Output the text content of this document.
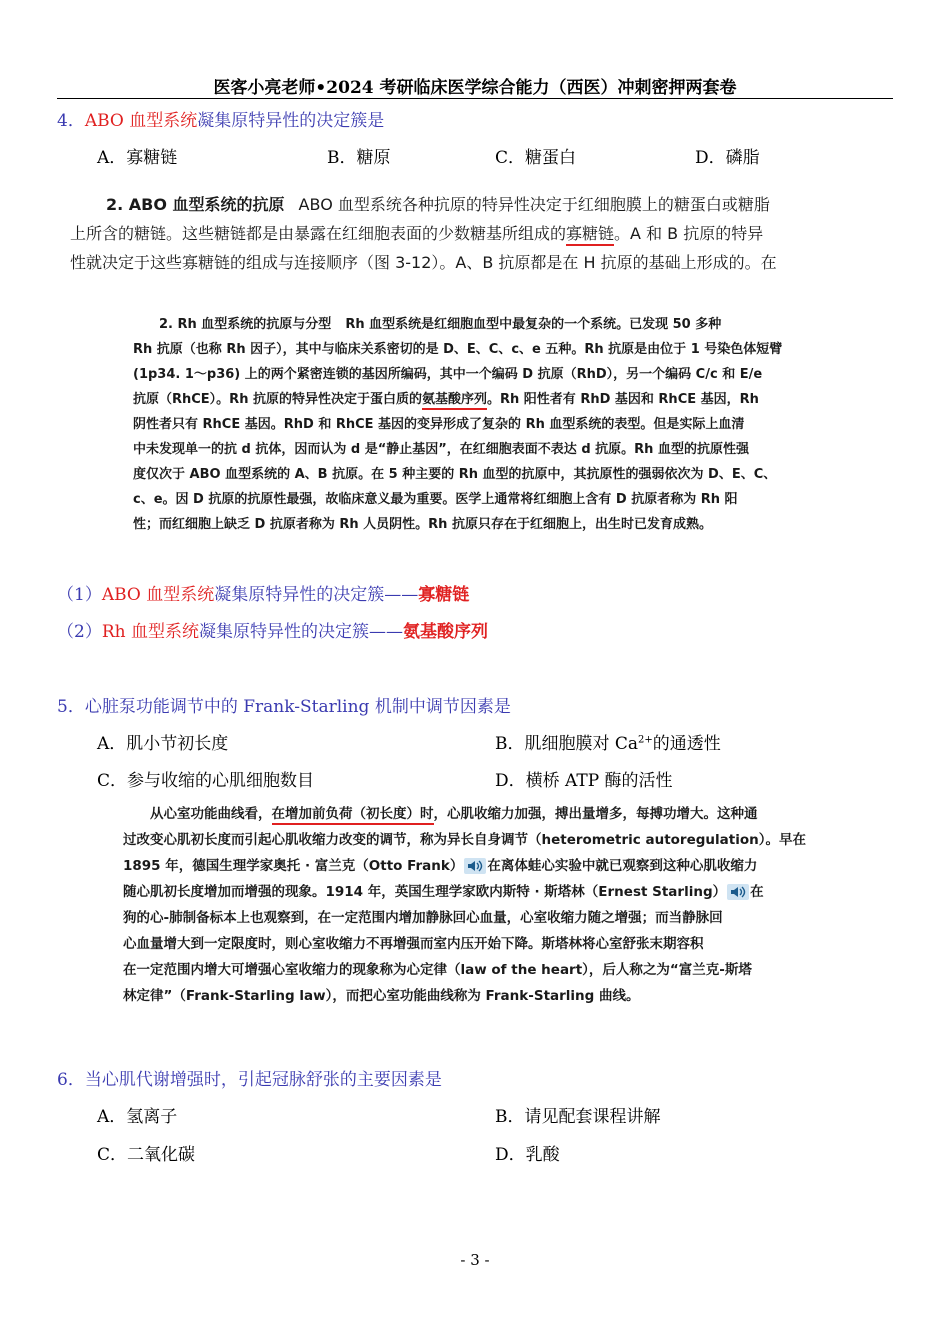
医客小亮老师•2024 考研临床医学综合能力（西医）冲刺密押两套卷
4．ABO 血型系统凝集原特异性的决定簇是
A．寡糖链	B．糖原	C．糖蛋白	D．磷脂
2. ABO 血型系统的抗原 ABO 血型系统各种抗原的特异性决定于红细胞膜上的糖蛋白或糖脂
上所含的糖链。这些糖链都是由暴露在红细胞表面的少数糖基所组成的寡糖链。A 和 B 抗原的特异
性就决定于这些寡糖链的组成与连接顺序（图 3-12）。A、B 抗原都是在 H 抗原的基础上形成的。在
2. Rh 血型系统的抗原与分型 Rh 血型系统是红细胞血型中最复杂的一个系统。已发现 50 多种
Rh 抗原（也称 Rh 因子），其中与临床关系密切的是 D、E、C、c、e 五种。Rh 抗原是由位于 1 号染色体短臂
(1p34. 1～p36) 上的两个紧密连锁的基因所编码，其中一个编码 D 抗原（RhD），另一个编码 C/c 和 E/e
抗原（RhCE）。Rh 抗原的特异性决定于蛋白质的氨基酸序列。Rh 阳性者有 RhD 基因和 RhCE 基因，Rh
阴性者只有 RhCE 基因。RhD 和 RhCE 基因的变异形成了复杂的 Rh 血型系统的表型。但是实际上血清
中未发现单一的抗 d 抗体，因而认为 d 是“静止基因”，在红细胞表面不表达 d 抗原。Rh 血型的抗原性强
度仅次于 ABO 血型系统的 A、B 抗原。在 5 种主要的 Rh 血型的抗原中，其抗原性的强弱依次为 D、E、C、
c、e。因 D 抗原的抗原性最强，故临床意义最为重要。医学上通常将红细胞上含有 D 抗原者称为 Rh 阳
性；而红细胞上缺乏 D 抗原者称为 Rh 人员阴性。Rh 抗原只存在于红细胞上，出生时已发育成熟。
（1）ABO 血型系统凝集原特异性的决定簇——寡糖链
（2）Rh 血型系统凝集原特异性的决定簇——氨基酸序列
5．心脏泵功能调节中的 Frank-Starling 机制中调节因素是
A．肌小节初长度	B．肌细胞膜对 $Ca^{2+}$的通透性
C．参与收缩的心肌细胞数目	D．横桥 ATP 酶的活性
从心室功能曲线看，在增加前负荷（初长度）时，心肌收缩力加强，搏出量增多，每搏功增大。这种通
过改变心肌初长度而引起心肌收缩力改变的调节，称为异长自身调节（heterometric autoregulation）。早在
1895 年，德国生理学家奥托 · 富兰克（Otto Frank） 在离体蛙心实验中就已观察到这种心肌收缩力
随心肌初长度增加而增强的现象。1914 年，英国生理学家欧内斯特 · 斯塔林（Ernest Starling） 在
狗的心-肺制备标本上也观察到，在一定范围内增加静脉回心血量，心室收缩力随之增强；而当静脉回
心血量增大到一定限度时，则心室收缩力不再增强而室内压开始下降。斯塔林将心室舒张末期容积
在一定范围内增大可增强心室收缩力的现象称为心定律（law of the heart），后人称之为“富兰克-斯塔
林定律”（Frank-Starling law），而把心室功能曲线称为 Frank-Starling 曲线。
6．当心肌代谢增强时，引起冠脉舒张的主要因素是
A．氢离子	B．请见配套课程讲解
C．二氧化碳	D．乳酸
- 3 -
